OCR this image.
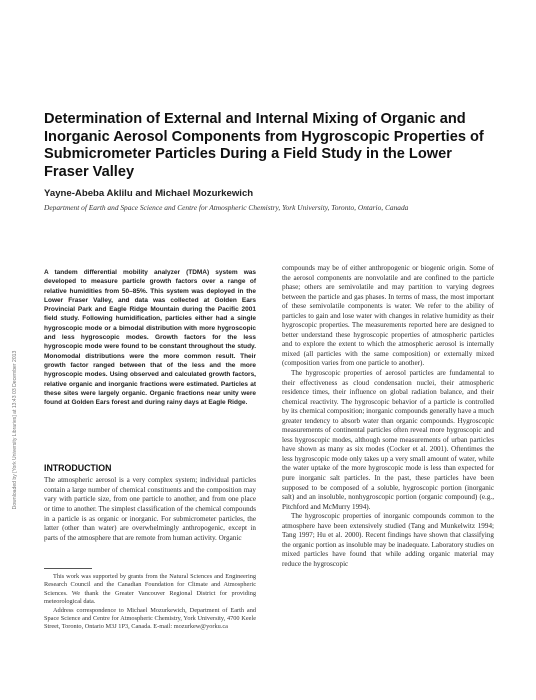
Downloaded by [York University Libraries] at 13:43 03 December 2013
Determination of External and Internal Mixing of Organic and Inorganic Aerosol Components from Hygroscopic Properties of Submicrometer Particles During a Field Study in the Lower Fraser Valley
Yayne-Abeba Aklilu and Michael Mozurkewich
Department of Earth and Space Science and Centre for Atmospheric Chemistry, York University, Toronto, Ontario, Canada

A tandem differential mobility analyzer (TDMA) system was developed to measure particle growth factors over a range of relative humidities from 50–85%. This system was deployed in the Lower Fraser Valley, and data was collected at Golden Ears Provincial Park and Eagle Ridge Mountain during the Pacific 2001 field study. Following humidification, particles either had a single hygroscopic mode or a bimodal distribution with more hygroscopic and less hygroscopic modes. Growth factors for the less hygroscopic mode were found to be constant throughout the study. Monomodal distributions were the more common result. Their growth factor ranged between that of the less and the more hygroscopic modes. Using observed and calculated growth factors, relative organic and inorganic fractions were estimated. Particles at these sites were largely organic. Organic fractions near unity were found at Golden Ears forest and during rainy days at Eagle Ridge.

INTRODUCTION

The atmospheric aerosol is a very complex system; individual particles contain a large number of chemical constituents and the composition may vary with particle size, from one particle to another, and from one place or time to another. The simplest classification of the chemical compounds in a particle is as organic or inorganic. For submicrometer particles, the latter (other than water) are overwhelmingly anthropogenic, except in parts of the atmosphere that are remote from human activity. Organic

This work was supported by grants from the Natural Sciences and Engineering Research Council and the Canadian Foundation for Climate and Atmospheric Sciences. We thank the Greater Vancouver Regional District for providing meteorological data.

Address correspondence to Michael Mozurkewich, Department of Earth and Space Science and Centre for Atmospheric Chemistry, York University, 4700 Keele Street, Toronto, Ontario M3J 1P3, Canada. E-mail: mozurkew@yorku.ca

compounds may be of either anthropogenic or biogenic origin. Some of the aerosol components are nonvolatile and are confined to the particle phase; others are semivolatile and may partition to varying degrees between the particle and gas phases. In terms of mass, the most important of these semivolatile components is water. We refer to the ability of particles to gain and lose water with changes in relative humidity as their hygroscopic properties. The measurements reported here are designed to better understand these hygroscopic properties of atmospheric particles and to explore the extent to which the atmospheric aerosol is internally mixed (all particles with the same composition) or externally mixed (composition varies from one particle to another).

The hygroscopic properties of aerosol particles are fundamental to their effectiveness as cloud condensation nuclei, their atmospheric residence times, their influence on global radiation balance, and their chemical reactivity. The hygroscopic behavior of a particle is controlled by its chemical composition; inorganic compounds generally have a much greater tendency to absorb water than organic compounds. Hygroscopic measurements of continental particles often reveal more hygroscopic and less hygroscopic modes, although some measurements of urban particles have shown as many as six modes (Cocker et al. 2001). Oftentimes the less hygroscopic mode only takes up a very small amount of water, while the water uptake of the more hygroscopic mode is less than expected for pure inorganic salt particles. In the past, these particles have been supposed to be composed of a soluble, hygroscopic portion (inorganic salt) and an insoluble, nonhygroscopic portion (organic compound) (e.g., Pitchford and McMurry 1994).

The hygroscopic properties of inorganic compounds common to the atmosphere have been extensively studied (Tang and Munkelwitz 1994; Tang 1997; Hu et al. 2000). Recent findings have shown that classifying the organic portion as insoluble may be inadequate. Laboratory studies on mixed particles have found that while adding organic material may reduce the hygroscopic
